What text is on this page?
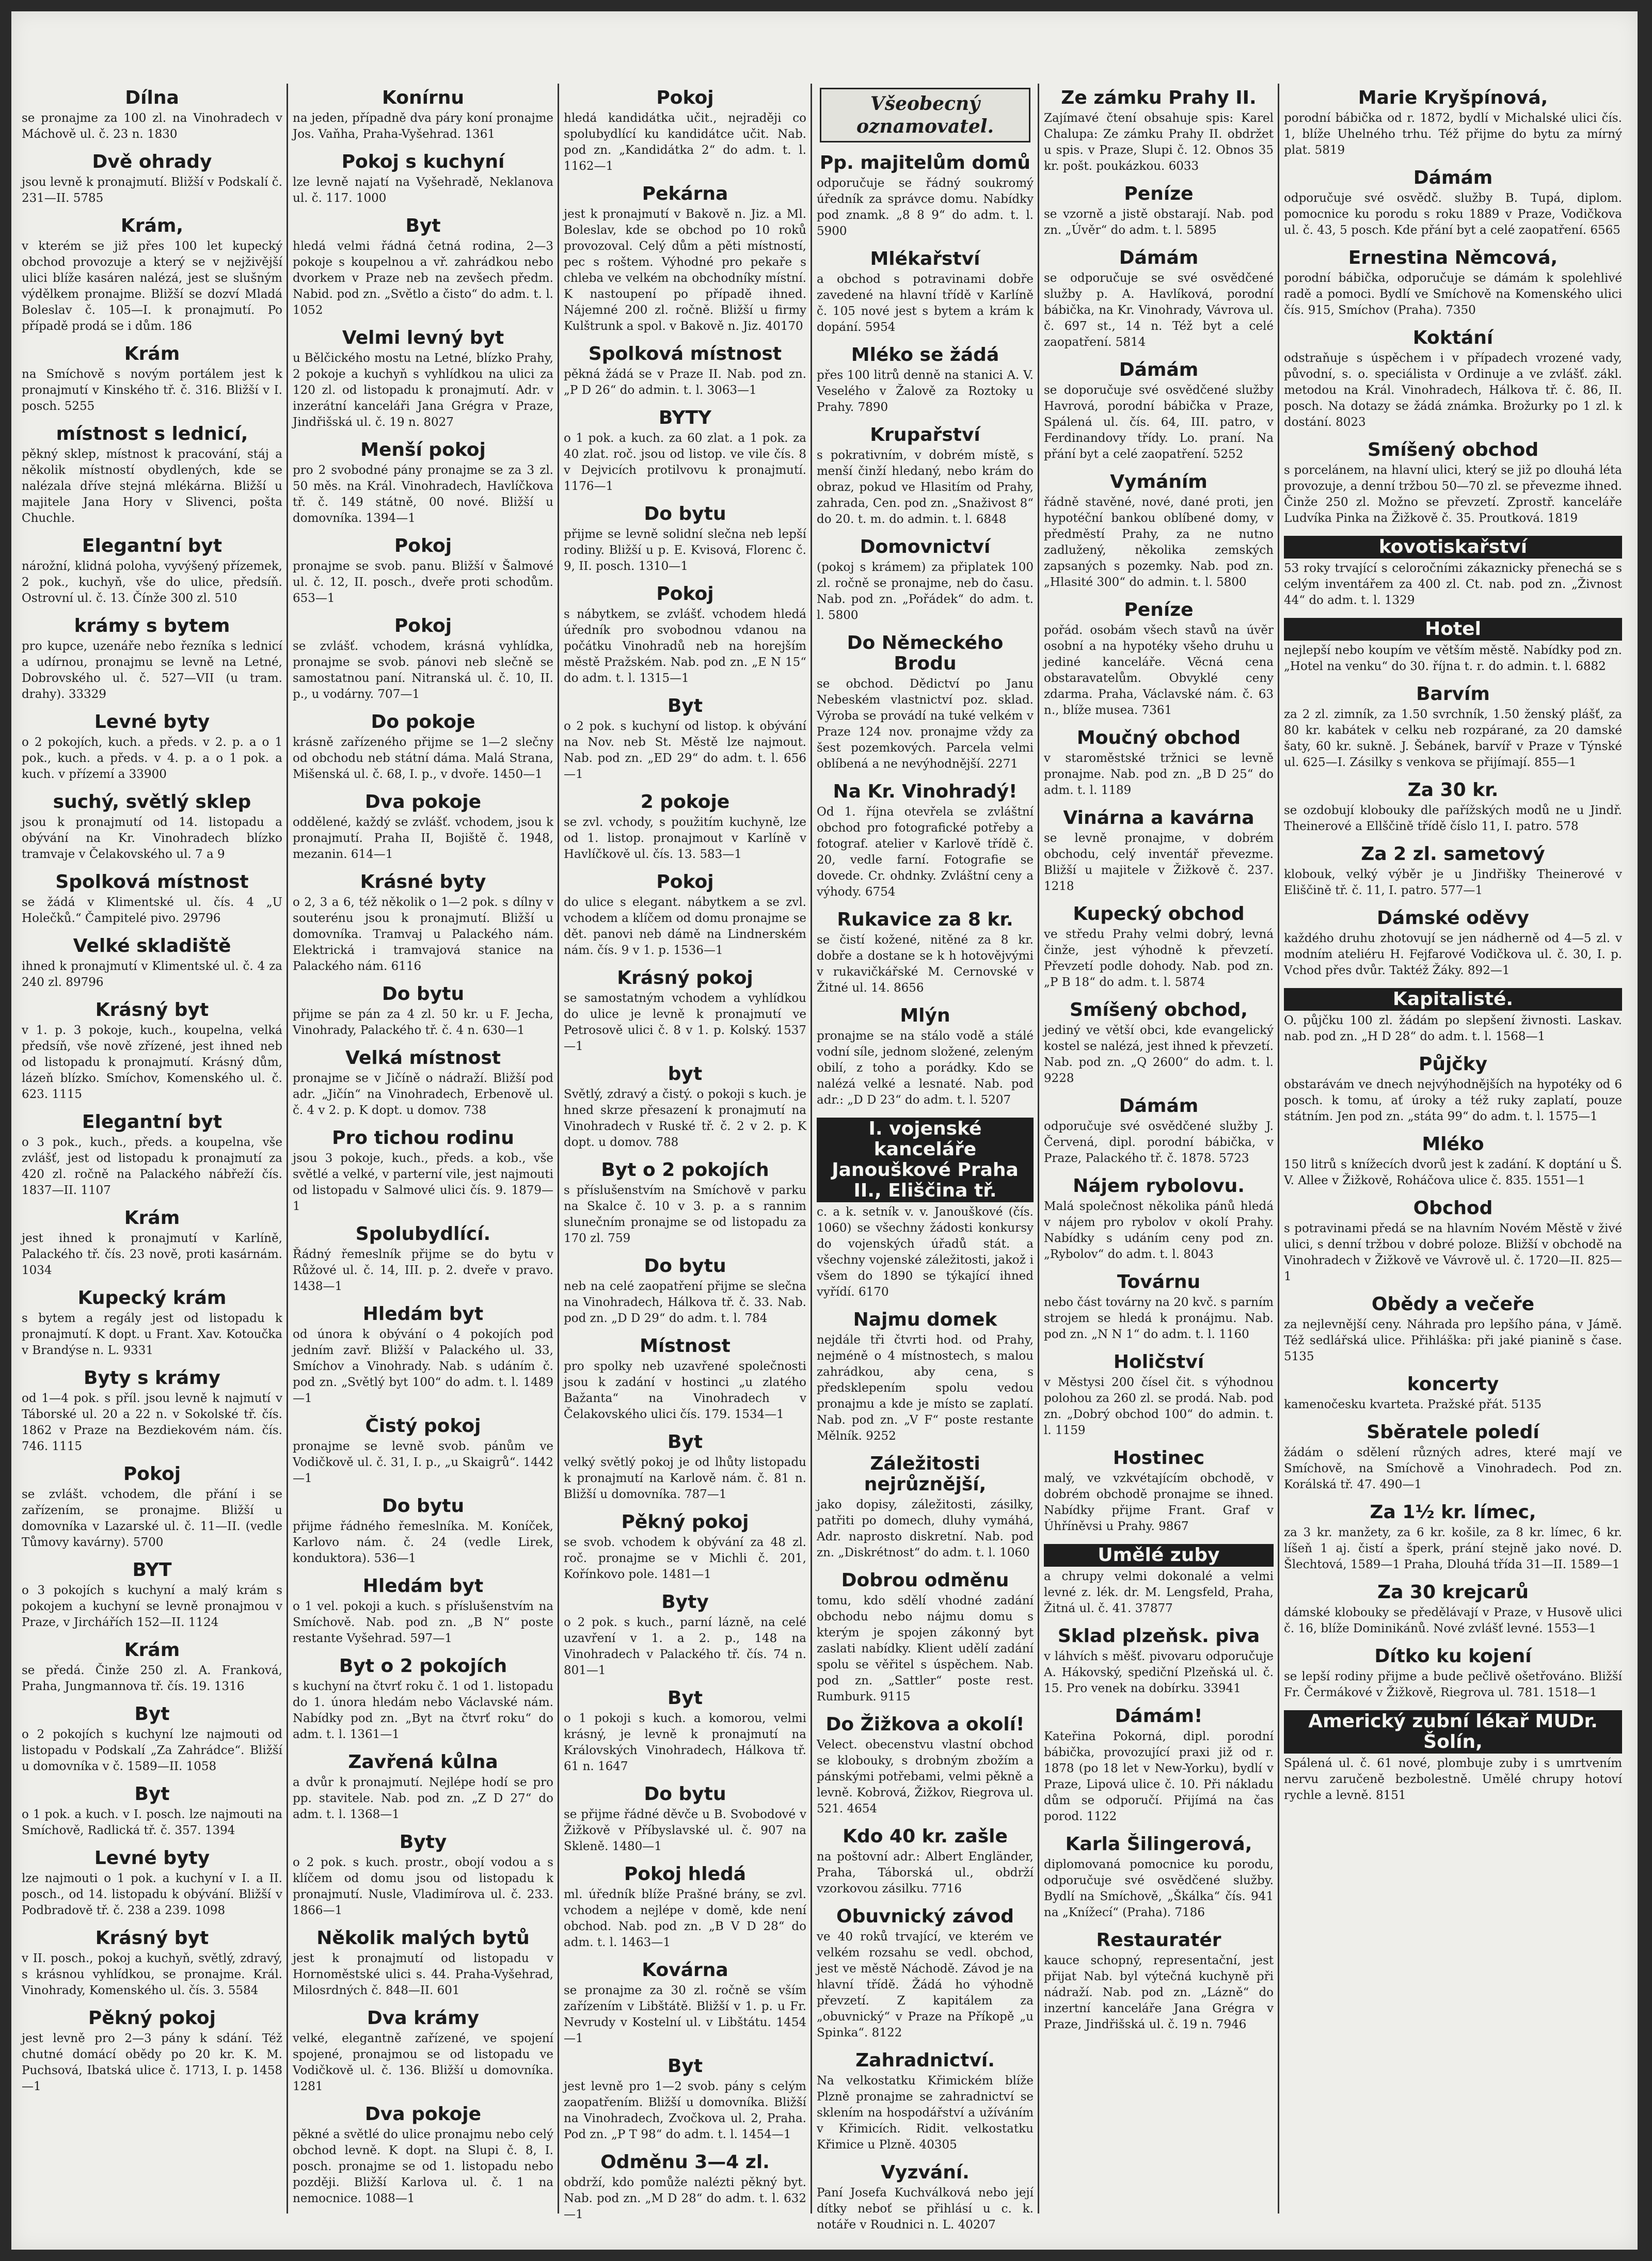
Dílna

se pronajme za 100 zl. na Vinohradech v Máchově ul. č. 23 n. 1830

Dvě ohrady

jsou levně k pronajmutí. Bližší v Podskalí č. 231—II. 5785

Krám,

v kterém se již přes 100 let kupecký obchod provozuje a který se v nejživější ulici blíže kasáren nalézá, jest se slušným výdělkem pronajme. Bližší se dozví Mladá Boleslav č. 105—I. k pronajmutí. Po případě prodá se i dům. 186

Krám

na Smíchově s novým portálem jest k pronajmutí v Kinského tř. č. 316. Bližší v I. posch. 5255

místnost s lednicí,

pěkný sklep, místnost k pracování, stáj a několik místností obydlených, kde se nalézala dříve stejná mlékárna. Bližší u majitele Jana Hory v Slivenci, pošta Chuchle.

Elegantní byt

nárožní, klidná poloha, vyvýšený přízemek, 2 pok., kuchyň, vše do ulice, předsíň. Ostrovní ul. č. 13. Čínže 300 zl. 510

krámy s bytem

pro kupce, uzenáře nebo řezníka s lednicí a udírnou, pronajmu se levně na Letné, Dobrovského ul. č. 527—VII (u tram. drahy). 33329

Levné byty

o 2 pokojích, kuch. a předs. v 2. p. a o 1 pok., kuch. a předs. v 4. p. a o 1 pok. a kuch. v přízemí a 33900

suchý, světlý sklep

jsou k pronajmutí od 14. listopadu a obývání na Kr. Vinohradech blízko tramvaje v Čelakovského ul. 7 a 9

Spolková místnost

se žádá v Klimentské ul. čís. 4 „U Holečků.“ Čampitelé pivo. 29796

Velké skladiště

ihned k pronajmutí v Klimentské ul. č. 4 za 240 zl. 89796

Krásný byt

v 1. p. 3 pokoje, kuch., koupelna, velká předsíň, vše nově zřízené, jest ihned neb od listopadu k pronajmutí. Krásný dům, lázeň blízko. Smíchov, Komenského ul. č. 623. 1115

Elegantní byt

o 3 pok., kuch., předs. a koupelna, vše zvlášť, jest od listopadu k pronajmutí za 420 zl. ročně na Palackého nábřeží čís. 1837—II. 1107

Krám

jest ihned k pronajmutí v Karlíně, Palackého tř. čís. 23 nově, proti kasárnám. 1034

Kupecký krám

s bytem a regály jest od listopadu k pronajmutí. K dopt. u Frant. Xav. Kotoučka v Brandýse n. L. 9331

Byty s krámy

od 1—4 pok. s příl. jsou levně k najmutí v Táborské ul. 20 a 22 n. v Sokolské tř. čís. 1862 v Praze na Bezdiekovém nám. čís. 746. 1115

Pokoj

se zvlášt. vchodem, dle přání i se zařízením, se pronajme. Bližší u domovníka v Lazarské ul. č. 11—II. (vedle Tůmovy kavárny). 5700

BYT

o 3 pokojích s kuchyní a malý krám s pokojem a kuchyní se levně pronajmou v Praze, v Jirchářích 152—II. 1124

Krám

se předá. Činže 250 zl. A. Franková, Praha, Jungmannova tř. čís. 19. 1316

Byt

o 2 pokojích s kuchyní lze najmouti od listopadu v Podskalí „Za Zahrádce“. Bližší u domovníka v č. 1589—II. 1058

Byt

o 1 pok. a kuch. v I. posch. lze najmouti na Smíchově, Radlická tř. č. 357. 1394

Levné byty

lze najmouti o 1 pok. a kuchyní v I. a II. posch., od 14. listopadu k obývání. Bližší v Podbradově tř. č. 238 a 239. 1098

Krásný byt

v II. posch., pokoj a kuchyň, světlý, zdravý, s krásnou vyhlídkou, se pronajme. Král. Vinohrady, Komenského ul. čís. 3. 5584

Pěkný pokoj

jest levně pro 2—3 pány k sdání. Též chutné domácí obědy po 20 kr. K. M. Puchsová, Ibatská ulice č. 1713, I. p. 1458—1

Konírnu

na jeden, případně dva páry koní pronajme Jos. Vaňha, Praha-Vyšehrad. 1361

Pokoj s kuchyní

lze levně najatí na Vyšehradě, Neklanova ul. č. 117. 1000

Byt

hledá velmi řádná četná rodina, 2—3 pokoje s koupelnou a vř. zahrádkou nebo dvorkem v Praze neb na zevšech předm. Nabid. pod zn. „Světlo a čisto“ do adm. t. l. 1052

Velmi levný byt

u Bělčického mostu na Letné, blízko Prahy, 2 pokoje a kuchyň s vyhlídkou na ulici za 120 zl. od listopadu k pronajmutí. Adr. v inzerátní kanceláři Jana Grégra v Praze, Jindřišská ul. č. 19 n. 8027

Menší pokoj

pro 2 svobodné pány pronajme se za 3 zl. 50 měs. na Král. Vinohradech, Havlíčkova tř. č. 149 státně, 00 nové. Bližší u domovníka. 1394—1

Pokoj

pronajme se svob. panu. Bližší v Šalmové ul. č. 12, II. posch., dveře proti schodům. 653—1

Pokoj

se zvlášť. vchodem, krásná vyhlídka, pronajme se svob. pánovi neb slečně se samostatnou paní. Nitranská ul. č. 10, II. p., u vodárny. 707—1

Do pokoje

krásně zařízeného přijme se 1—2 slečny od obchodu neb státní dáma. Malá Strana, Mišenská ul. č. 68, I. p., v dvoře. 1450—1

Dva pokoje

oddělené, každý se zvlášť. vchodem, jsou k pronajmutí. Praha II, Bojiště č. 1948, mezanin. 614—1

Krásné byty

o 2, 3 a 6, též několik o 1—2 pok. s dílny v souterénu jsou k pronajmutí. Bližší u domovníka. Tramvaj u Palackého nám. Elektrická i tramvajová stanice na Palackého nám. 6116

Do bytu

přijme se pán za 4 zl. 50 kr. u F. Jecha, Vinohrady, Palackého tř. č. 4 n. 630—1

Velká místnost

pronajme se v Jičíně o nádraží. Bližší pod adr. „Jičín“ na Vinohradech, Erbenově ul. č. 4 v 2. p. K dopt. u domov. 738

Pro tichou rodinu

jsou 3 pokoje, kuch., předs. a kob., vše světlé a velké, v parterní vile, jest najmouti od listopadu v Salmové ulici čís. 9. 1879—1

Spolubydlící.

Řádný řemeslník přijme se do bytu v Růžové ul. č. 14, III. p. 2. dveře v pravo. 1438—1

Hledám byt

od února k obývání o 4 pokojích pod jedním zavř. Bližší v Palackého ul. 33, Smíchov a Vinohrady. Nab. s udáním č. pod zn. „Světlý byt 100“ do adm. t. l. 1489—1

Čistý pokoj

pronajme se levně svob. pánům ve Vodičkově ul. č. 31, I. p., „u Skaigrů“. 1442—1

Do bytu

přijme řádného řemeslníka. M. Koníček, Karlovo nám. č. 24 (vedle Lirek, konduktora). 536—1

Hledám byt

o 1 vel. pokoji a kuch. s příslušenstvím na Smíchově. Nab. pod zn. „B N“ poste restante Vyšehrad. 597—1

Byt o 2 pokojích

s kuchyní na čtvrť roku č. 1 od 1. listopadu do 1. února hledám nebo Václavské nám. Nabídky pod zn. „Byt na čtvrť roku“ do adm. t. l. 1361—1

Zavřená kůlna

a dvůr k pronajmutí. Nejlépe hodí se pro pp. stavitele. Nab. pod zn. „Z D 27“ do adm. t. l. 1368—1

Byty

o 2 pok. s kuch. prostr., obojí vodou a s klíčem od domu jsou od listopadu k pronajmutí. Nusle, Vladimírova ul. č. 233. 1866—1

Několik malých bytů

jest k pronajmutí od listopadu v Hornoměstské ulici s. 44. Praha-Vyšehrad, Milosrdných č. 848—II. 601

Dva krámy

velké, elegantně zařízené, ve spojení spojené, pronajmou se od listopadu ve Vodičkově ul. č. 136. Bližší u domovníka. 1281

Dva pokoje

pěkné a světlé do ulice pronajmu nebo celý obchod levně. K dopt. na Slupi č. 8, I. posch. pronajme se od 1. listopadu nebo později. Bližší Karlova ul. č. 1 na nemocnice. 1088—1

Pokoj

hledá kandidátka učit., nejraději co spolubydlící ku kandidátce učit. Nab. pod zn. „Kandidátka 2“ do adm. t. l. 1162—1

Pekárna

jest k pronajmutí v Bakově n. Jiz. a Ml. Boleslav, kde se obchod po 10 roků provozoval. Celý dům a pěti místností, pec s roštem. Výhodné pro pekaře s chleba ve velkém na obchodníky místní. K nastoupení po případě ihned. Nájemné 200 zl. ročně. Bližší u firmy Kulštrunk a spol. v Bakově n. Jiz. 40170

Spolková místnost

pěkná žádá se v Praze II. Nab. pod zn. „P D 26“ do admin. t. l. 3063—1

BYTY

o 1 pok. a kuch. za 60 zlat. a 1 pok. za 40 zlat. roč. jsou od listop. ve vile čís. 8 v Dejvicích protilvovu k pronajmutí. 1176—1

Do bytu

přijme se levně solidní slečna neb lepší rodiny. Bližší u p. E. Kvisová, Florenc č. 9, II. posch. 1310—1

Pokoj

s nábytkem, se zvlášť. vchodem hledá úředník pro svobodnou vdanou na počátku Vinohradů neb na horejším městě Pražském. Nab. pod zn. „E N 15“ do adm. t. l. 1315—1

Byt

o 2 pok. s kuchyní od listop. k obývání na Nov. neb St. Městě lze najmout. Nab. pod zn. „ED 29“ do adm. t. l. 656—1

2 pokoje

se zvl. vchody, s použitím kuchyně, lze od 1. listop. pronajmout v Karlíně v Havlíčkově ul. čís. 13. 583—1

Pokoj

do ulice s elegant. nábytkem a se zvl. vchodem a klíčem od domu pronajme se dět. panovi neb dámě na Lindnerském nám. čís. 9 v 1. p. 1536—1

Krásný pokoj

se samostatným vchodem a vyhlídkou do ulice je levně k pronajmutí ve Petrosově ulici č. 8 v 1. p. Kolský. 1537—1

byt

Světlý, zdravý a čistý. o pokoji s kuch. je hned skrze přesazení k pronajmutí na Vinohradech v Ruské tř. č. 2 v 2. p. K dopt. u domov. 788

Byt o 2 pokojích

s příslušenstvím na Smíchově v parku na Skalce č. 10 v 3. p. a s rannim slunečním pronajme se od listopadu za 170 zl. 759

Do bytu

neb na celé zaopatření přijme se slečna na Vinohradech, Hálkova tř. č. 33. Nab. pod zn. „D D 29“ do adm. t. l. 784

Místnost

pro spolky neb uzavřené společnosti jsou k zadání v hostinci „u zlatého Bažanta“ na Vinohradech v Čelakovského ulici čís. 179. 1534—1

Byt

velký světlý pokoj je od lhůty listopadu k pronajmutí na Karlově nám. č. 81 n. Bližší u domovníka. 787—1

Pěkný pokoj

se svob. vchodem k obývání za 48 zl. roč. pronajme se v Michli č. 201, Kořínkovo pole. 1481—1

Byty

o 2 pok. s kuch., parní lázně, na celé uzavření v 1. a 2. p., 148 na Vinohradech v Palackého tř. čís. 74 n. 801—1

Byt

o 1 pokoji s kuch. a komorou, velmi krásný, je levně k pronajmutí na Královských Vinohradech, Hálkova tř. 61 n. 1647

Do bytu

se přijme řádné děvče u B. Svobodové v Žižkově v Příbyslavské ul. č. 907 na Skleně. 1480—1

Pokoj hledá

ml. úředník blíže Prašné brány, se zvl. vchodem a nejlépe v domě, kde není obchod. Nab. pod zn. „B V D 28“ do adm. t. l. 1463—1

Kovárna

se pronajme za 30 zl. ročně se vším zařízením v Libštátě. Bližší v 1. p. u Fr. Nevrudy v Kostelní ul. v Libštátu. 1454—1

Byt

jest levně pro 1—2 svob. pány s celým zaopatřením. Bližší u domovníka. Bližší na Vinohradech, Zvočkova ul. 2, Praha. Pod zn. „P T 98“ do adm. t. l. 1454—1

Odměnu 3—4 zl.

obdrží, kdo pomůže nalézti pěkný byt. Nab. pod zn. „M D 28“ do adm. t. l. 632—1

Všeobecný
oznamovatel.
Pp. majitelům domů

odporučuje se řádný soukromý úředník za správce domu. Nabídky pod znamk. „8 8 9“ do adm. t. l. 5900

Mlékařství

a obchod s potravinami dobře zavedené na hlavní třídě v Karlíně č. 105 nové jest s bytem a krám k dopání. 5954

Mléko se žádá

přes 100 litrů denně na stanici A. V. Veselého v Žalově za Roztoky u Prahy. 7890

Krupařství

s pokrativním, v dobrém místě, s menší činží hledaný, nebo krám do obraz, pokud ve Hlasitím od Prahy, zahrada, Cen. pod zn. „Snaživost 8“ do 20. t. m. do admin. t. l. 6848

Domovnictví

(pokoj s krámem) za připlatek 100 zl. ročně se pronajme, neb do času. Nab. pod zn. „Pořádek“ do adm. t. l. 5800

Do Německého Brodu

se obchod. Dědictví po Janu Nebeském vlastnictví poz. sklad. Výroba se provádí na tuké velkém v Praze 124 nov. pronajme vždy za šest pozemkových. Parcela velmi oblíbená a ne nevýhodnější. 2271

Na Kr. Vinohradý!

Od 1. října otevřela se zvláštní obchod pro fotografické potřeby a fotograf. atelier v Karlově třídě č. 20, vedle farní. Fotografie se dovede. Cr. ohdnky. Zvláštní ceny a výhody. 6754

Rukavice za 8 kr.

se čistí kožené, nitěné za 8 kr. dobře a dostane se k h hotovějvými v rukavičkářské M. Cernovské v Žitné ul. 14. 8656

Mlýn

pronajme se na stálo vodě a stálé vodní síle, jednom složené, zeleným obilí, z toho a porádky. Kdo se nalézá velké a lesnaté. Nab. pod adr.: „D D 23“ do adm. t. l. 5207

I. vojenské kanceláře Janouškové Praha II., Eliščina tř.

c. a k. setník v. v. Janouškové (čís. 1060) se všechny žádosti konkursy do vojenských úřadů stát. a všechny vojenské záležitosti, jakož i všem do 1890 se týkající ihned vyřídí. 6170

Najmu domek

nejdále tři čtvrti hod. od Prahy, nejméně o 4 místnostech, s malou zahrádkou, aby cena, s předsklepením spolu vedou pronajmu a kde je místo se zaplatí. Nab. pod zn. „V F“ poste restante Mělník. 9252

Záležitosti nejrůznější,

jako dopisy, záležitosti, zásilky, patřiti po domech, dluhy vymáhá, Adr. naprosto diskretní. Nab. pod zn. „Diskrétnost“ do adm. t. l. 1060

Dobrou odměnu

tomu, kdo sdělí vhodné zadání obchodu nebo nájmu domu s kterým je spojen zákonný byt zaslati nabídky. Klient udělí zadání spolu se věřitel s úspěchem. Nab. pod zn. „Sattler“ poste rest. Rumburk. 9115

Do Žižkova a okolí!

Velect. obecenstvu vlastní obchod se klobouky, s drobným zbožím a pánskými potřebami, velmi pěkně a levně. Kobrová, Žižkov, Riegrova ul. 521. 4654

Kdo 40 kr. zašle

na poštovní adr.: Albert Engländer, Praha, Táborská ul., obdrží vzorkovou zásilku. 7716

Obuvnický závod

ve 40 roků trvající, ve kterém ve velkém rozsahu se vedl. obchod, jest ve městě Náchodě. Závod je na hlavní třídě. Žádá ho výhodně převzetí. Z kapitálem za „obuvnický“ v Praze na Příkopě „u Spinka“. 8122

Zahradnictví.

Na velkostatku Křimickém blíže Plzně pronajme se zahradnictví se sklením na hospodářství a užíváním v Křimicích. Ridit. velkostatku Křimice u Plzně. 40305

Vyzvání.

Paní Josefa Kuchválková nebo její dítky neboť se přihlásí u c. k. notáře v Roudnici n. L. 40207

Ze zámku Prahy II.

Zajímavé čtení obsahuje spis: Karel Chalupa: Ze zámku Prahy II. obdržet u spis. v Praze, Slupi č. 12. Obnos 35 kr. pošt. poukázkou. 6033

Peníze

se vzorně a jistě obstarají. Nab. pod zn. „Úvěr“ do adm. t. l. 5895

Dámám

se odporučuje se své osvědčené služby p. A. Havlíková, porodní bábička, na Kr. Vinohrady, Vávrova ul. č. 697 st., 14 n. Též byt a celé zaopatření. 5814

Dámám

se doporučuje své osvědčené služby Havrová, porodní bábička v Praze, Spálená ul. čís. 64, III. patro, v Ferdinandovy třídy. Lo. praní. Na přání byt a celé zaopatření. 5252

Vymáním

řádně stavěné, nové, dané proti, jen hypotéční bankou oblíbené domy, v předměstí Prahy, za ne nutno zadlužený, několika zemských zapsaných s pozemky. Nab. pod zn. „Hlasité 300“ do admin. t. l. 5800

Peníze

pořád. osobám všech stavů na úvěr osobní a na hypotéky všeho druhu u jediné kanceláře. Věcná cena obstaravatelům. Obvyklé ceny zdarma. Praha, Václavské nám. č. 63 n., blíže musea. 7361

Moučný obchod

v staroměstské tržnici se levně pronajme. Nab. pod zn. „B D 25“ do adm. t. l. 1189

Vinárna a kavárna

se levně pronajme, v dobrém obchodu, celý inventář převezme. Bližší u majitele v Žižkově č. 237. 1218

Kupecký obchod

ve středu Prahy velmi dobrý, levná činže, jest výhodně k převzetí. Převzetí podle dohody. Nab. pod zn. „P B 18“ do adm. t. l. 5874

Smíšený obchod,

jediný ve větší obci, kde evangelický kostel se nalézá, jest ihned k převzetí. Nab. pod zn. „Q 2600“ do adm. t. l. 9228

Dámám

odporučuje své osvědčené služby J. Červená, dipl. porodní bábička, v Praze, Palackého tř. č. 1878. 5723

Nájem rybolovu.

Malá společnost několika pánů hledá v nájem pro rybolov v okolí Prahy. Nabídky s udáním ceny pod zn. „Rybolov“ do adm. t. l. 8043

Továrnu

nebo část továrny na 20 kvč. s parním strojem se hledá k pronájmu. Nab. pod zn. „N N 1“ do adm. t. l. 1160

Holičství

v Městysi 200 čísel čit. s výhodnou polohou za 260 zl. se prodá. Nab. pod zn. „Dobrý obchod 100“ do admin. t. l. 1159

Hostinec

malý, ve vzkvétajícím obchodě, v dobrém obchodě pronajme se ihned. Nabídky přijme Frant. Graf v Úhříněvsi u Prahy. 9867

Umělé zuby

a chrupy velmi dokonalé a velmi levné z. lék. dr. M. Lengsfeld, Praha, Žitná ul. č. 41. 37877

Sklad plzeňsk. piva

v láhvích s měšť. pivovaru odporučuje A. Hákovský, spediční Plzeňská ul. č. 15. Pro venek na dobírku. 33941

Dámám!

Kateřina Pokorná, dipl. porodní bábička, provozující praxi již od r. 1878 (po 18 let v New-Yorku), bydlí v Praze, Lipová ulice č. 10. Při nákladu dům se odporučí. Přijímá na čas porod. 1122

Karla Šilingerová,

diplomovaná pomocnice ku porodu, odporučuje své osvědčené služby. Bydlí na Smíchově, „Škálka“ čís. 941 na „Knížecí“ (Praha). 7186

Restauratér

kauce schopný, representační, jest přijat Nab. byl výtečná kuchyně při nádraží. Nab. pod zn. „Lázně“ do inzertní kanceláře Jana Grégra v Praze, Jindřišská ul. č. 19 n. 7946

Marie Kryšpínová,

porodní bábička od r. 1872, bydlí v Michalské ulici čís. 1, blíže Uhelného trhu. Též přijme do bytu za mírný plat. 5819

Dámám

odporučuje své osvědč. služby B. Tupá, diplom. pomocnice ku porodu s roku 1889 v Praze, Vodičkova ul. č. 43, 5 posch. Kde přání byt a celé zaopatření. 6565

Ernestina Němcová,

porodní bábička, odporučuje se dámám k spolehlivé radě a pomoci. Bydlí ve Smíchově na Komenského ulici čís. 915, Smíchov (Praha). 7350

Koktání

odstraňuje s úspěchem i v případech vrozené vady, původní, s. o. speciálista v Ordinuje a ve zvlášť. zákl. metodou na Král. Vinohradech, Hálkova tř. č. 86, II. posch. Na dotazy se žádá známka. Brožurky po 1 zl. k dostání. 8023

Smíšený obchod

s porcelánem, na hlavní ulici, který se již po dlouhá léta provozuje, a denní tržbou 50—70 zl. se převezme ihned. Činže 250 zl. Možno se převzetí. Zprostř. kanceláře Ludvíka Pinka na Žižkově č. 35. Proutková. 1819

kovotiskařství

53 roky trvající s celoročními zákaznicky přenechá se s celým inventářem za 400 zl. Ct. nab. pod zn. „Živnost 44“ do adm. t. l. 1329

Hotel

nejlepší nebo koupím ve větším městě. Nabídky pod zn. „Hotel na venku“ do 30. října t. r. do admin. t. l. 6882

Barvím

za 2 zl. zimník, za 1.50 svrchník, 1.50 ženský plášť, za 80 kr. kabátek v celku neb rozpárané, za 20 damské šaty, 60 kr. sukně. J. Šebánek, barvíř v Praze v Týnské ul. 625—I. Zásilky s venkova se přijímají. 855—1

Za 30 kr.

se ozdobují klobouky dle pařížských modů ne u Jindř. Theinerové a Ellščině třídě číslo 11, I. patro. 578

Za 2 zl. sametový

klobouk, velký výběr je u Jindřišky Theinerové v Eliščině tř. č. 11, I. patro. 577—1

Dámské oděvy

každého druhu zhotovují se jen nádherně od 4—5 zl. v modním ateliéru H. Fejfarové Vodičkova ul. č. 30, I. p. Vchod přes dvůr. Taktéž Žáky. 892—1

Kapitalisté.

O. půjčku 100 zl. žádám po slepšení živnosti. Laskav. nab. pod zn. „H D 28“ do adm. t. l. 1568—1

Půjčky

obstarávám ve dnech nejvýhodnějších na hypotéky od 6 posch. k tomu, ať úroky a též ruky zaplatí, pouze státním. Jen pod zn. „státa 99“ do adm. t. l. 1575—1

Mléko

150 litrů s knížecích dvorů jest k zadání. K doptání u Š. V. Allee v Žižkově, Roháčova ulice č. 835. 1551—1

Obchod

s potravinami předá se na hlavním Novém Městě v živé ulici, s denní tržbou v dobré poloze. Bližší v obchodě na Vinohradech v Žižkově ve Vávrově ul. č. 1720—II. 825—1

Obědy a večeře

za nejlevnější ceny. Náhrada pro lepšího pána, v Jámě. Též sedlářská ulice. Přihláška: při jaké pianině s čase. 5135

koncerty

kamenočesku kvarteta. Pražské přát. 5135

Sběratele poledí

žádám o sdělení různých adres, které mají ve Smíchově, na Smíchově a Vinohradech. Pod zn. Korálská tř. 47. 490—1

Za 1½ kr. límec,

za 3 kr. manžety, za 6 kr. košile, za 8 kr. límec, 6 kr. líšeň 1 aj. čistí a šperk, prání stejně jako nové. D. Šlechtová, 1589—1 Praha, Dlouhá třída 31—II. 1589—1

Za 30 krejcarů

dámské klobouky se předělávají v Praze, v Husově ulici č. 16, blíže Dominikánů. Nové zvlášť levné. 1553—1

Dítko ku kojení

se lepší rodiny přijme a bude pečlivě ošetřováno. Bližší Fr. Čermákové v Žižkově, Riegrova ul. 781. 1518—1

Americký zubní lékař MUDr. Šolín,

Spálená ul. č. 61 nové, plombuje zuby i s umrtvením nervu zaručeně bezbolestně. Umělé chrupy hotoví rychle a levně. 8151
